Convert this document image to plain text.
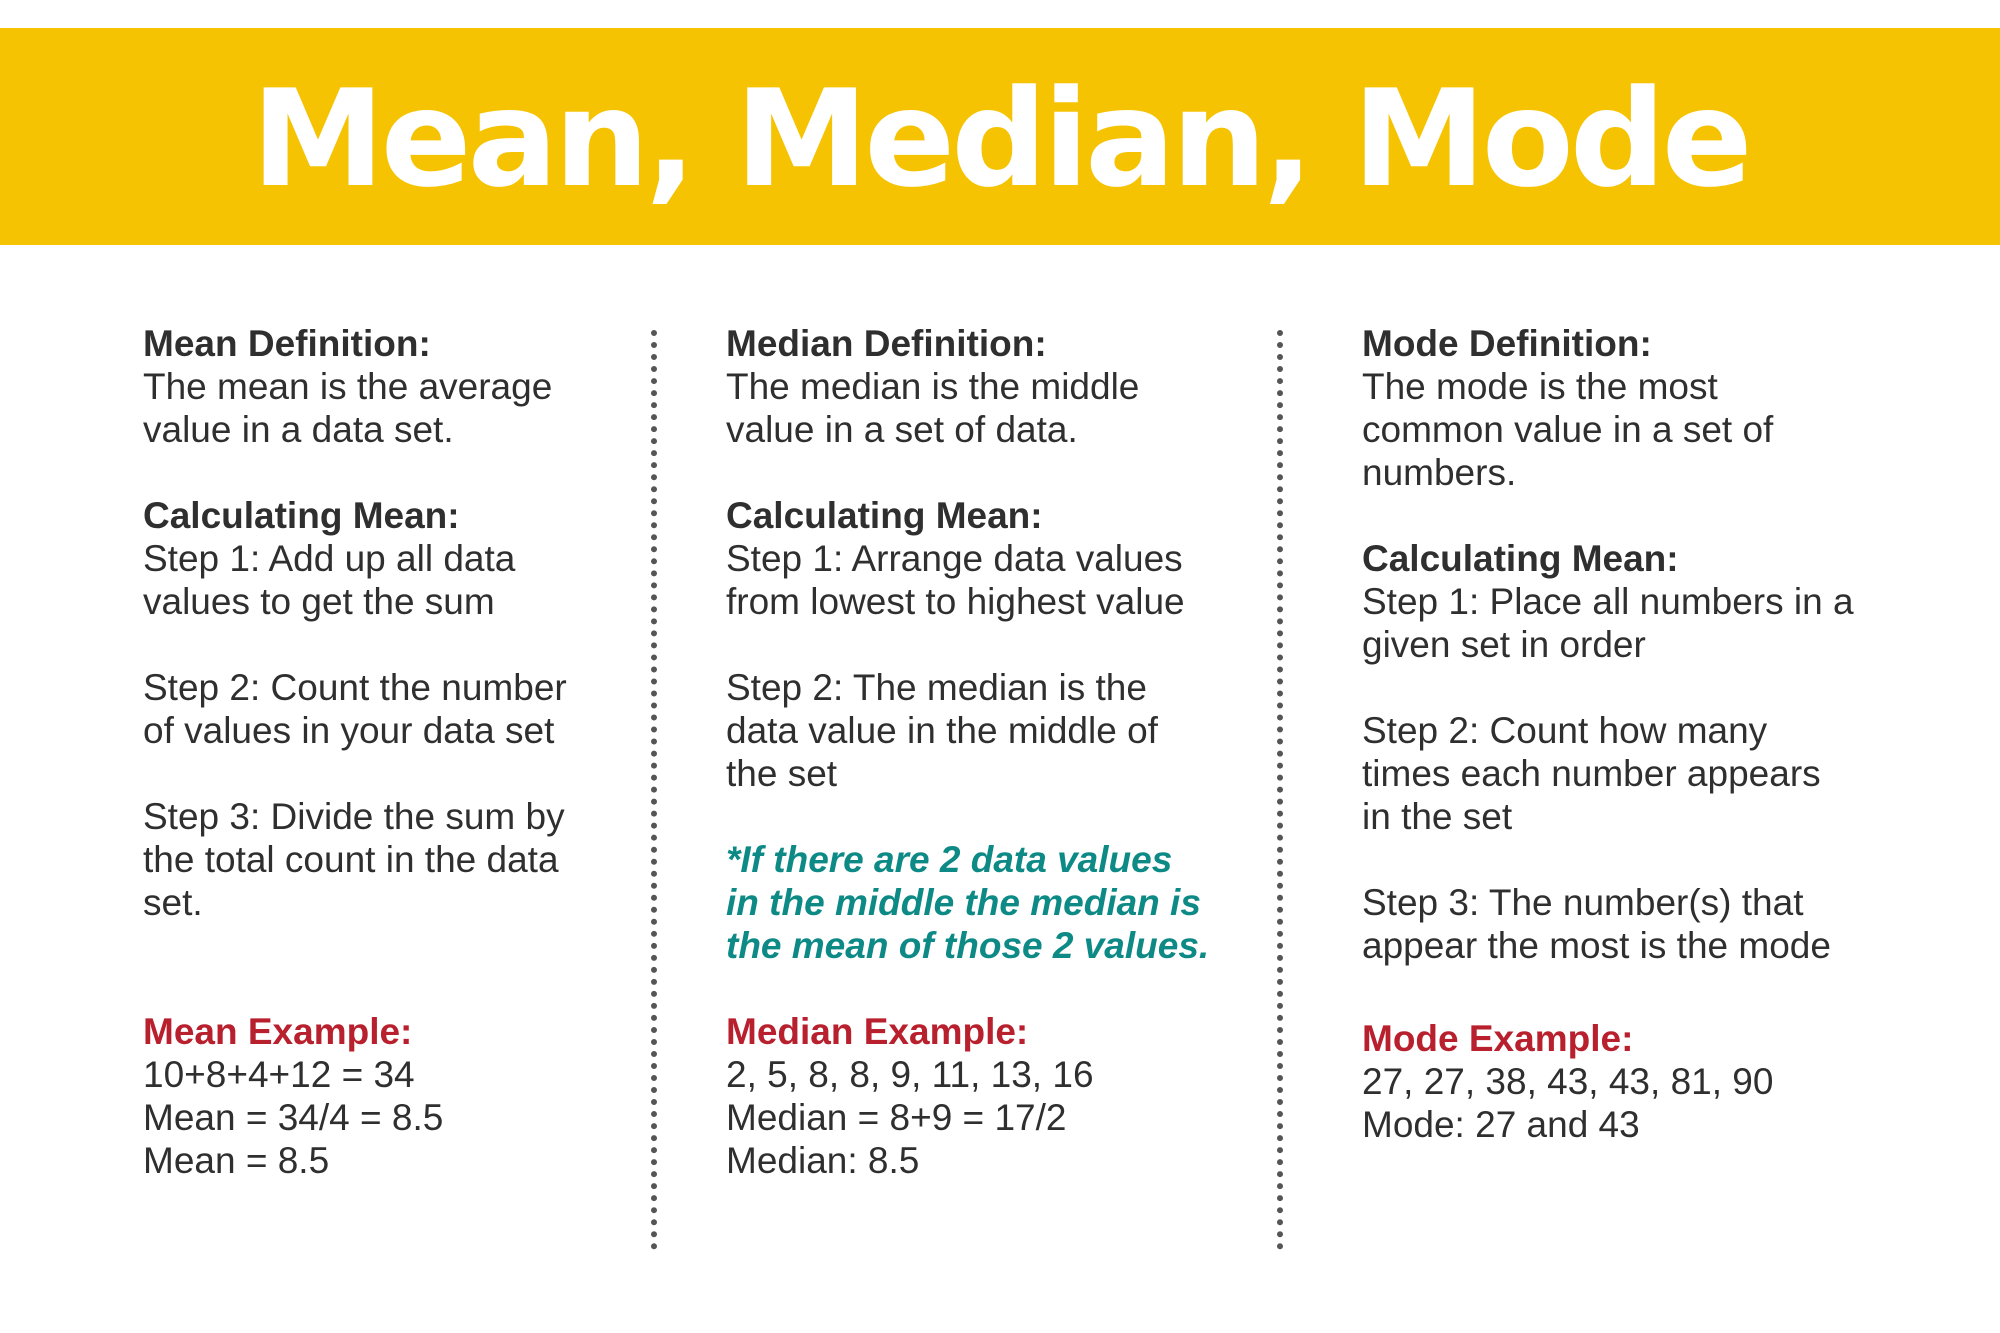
Mean, Median, Mode

Mean Definition:

The mean is the average

value in a data set.

Calculating Mean:

Step 1: Add up all data

values to get the sum

Step 2: Count the number

of values in your data set

Step 3: Divide the sum by

the total count in the data

set.

Mean Example:

10+8+4+12 = 34

Mean = 34/4 = 8.5

Mean = 8.5

Median Definition:

The median is the middle

value in a set of data.

Calculating Mean:

Step 1: Arrange data values

from lowest to highest value

Step 2: The median is the

data value in the middle of

the set

*If there are 2 data values

in the middle the median is

the mean of those 2 values.

Median Example:

2, 5, 8, 8, 9, 11, 13, 16

Median = 8+9 = 17/2

Median: 8.5

Mode Definition:

The mode is the most

common value in a set of

numbers.

Calculating Mean:

Step 1: Place all numbers in a

given set in order

Step 2: Count how many

times each number appears

in the set

Step 3: The number(s) that

appear the most is the mode

Mode Example:

27, 27, 38, 43, 43, 81, 90

Mode: 27 and 43
